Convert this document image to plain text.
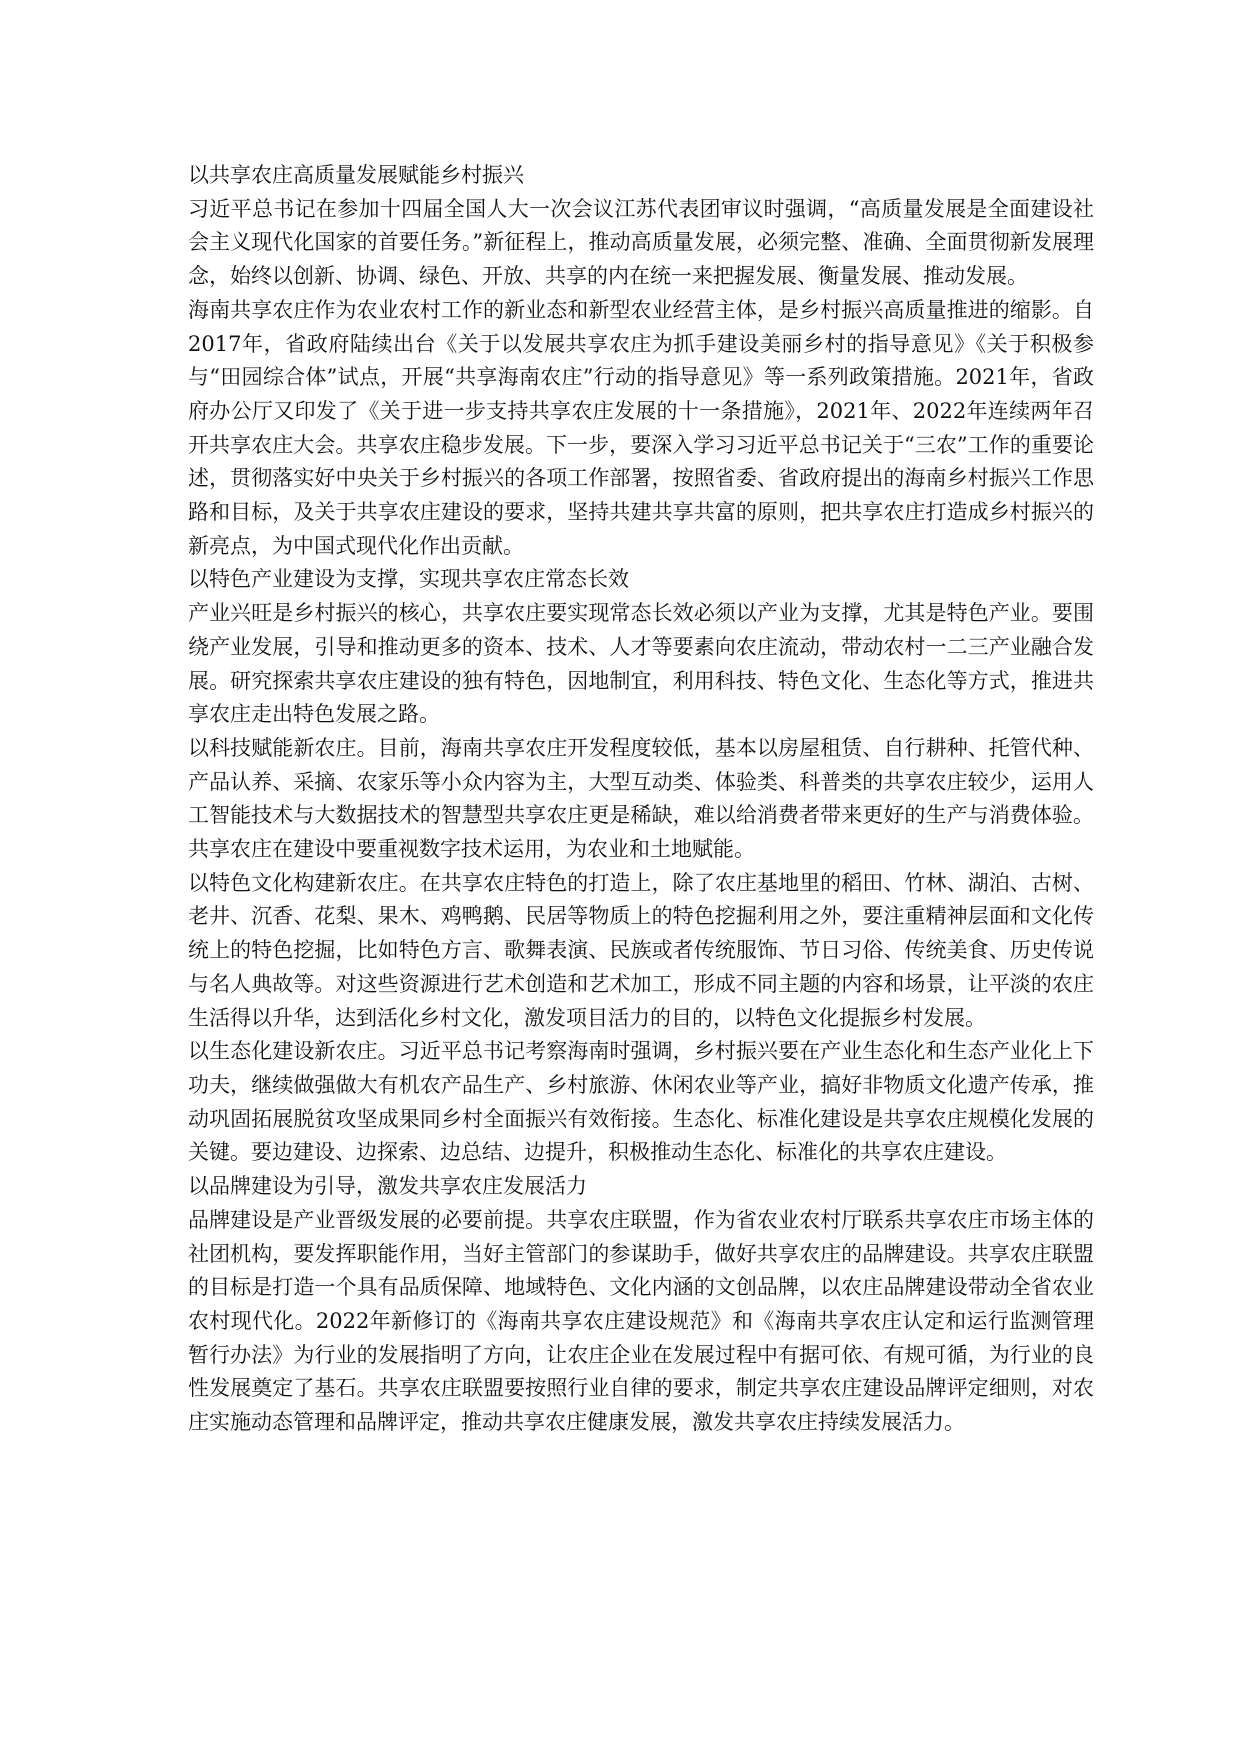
以共享农庄高质量发展赋能乡村振兴

习近平总书记在参加十四届全国人大一次会议江苏代表团审议时强调，“高质量发展是全面建设社会主义现代化国家的首要任务。”新征程上，推动高质量发展，必须完整、准确、全面贯彻新发展理念，始终以创新、协调、绿色、开放、共享的内在统一来把握发展、衡量发展、推动发展。

海南共享农庄作为农业农村工作的新业态和新型农业经营主体，是乡村振兴高质量推进的缩影。自2017年，省政府陆续出台《关于以发展共享农庄为抓手建设美丽乡村的指导意见》《关于积极参与“田园综合体”试点，开展“共享海南农庄”行动的指导意见》等一系列政策措施。2021年，省政府办公厅又印发了《关于进一步支持共享农庄发展的十一条措施》，2021年、2022年连续两年召开共享农庄大会。共享农庄稳步发展。下一步，要深入学习习近平总书记关于“三农”工作的重要论述，贯彻落实好中央关于乡村振兴的各项工作部署，按照省委、省政府提出的海南乡村振兴工作思路和目标，及关于共享农庄建设的要求，坚持共建共享共富的原则，把共享农庄打造成乡村振兴的新亮点，为中国式现代化作出贡献。

以特色产业建设为支撑，实现共享农庄常态长效

产业兴旺是乡村振兴的核心，共享农庄要实现常态长效必须以产业为支撑，尤其是特色产业。要围绕产业发展，引导和推动更多的资本、技术、人才等要素向农庄流动，带动农村一二三产业融合发展。研究探索共享农庄建设的独有特色，因地制宜，利用科技、特色文化、生态化等方式，推进共享农庄走出特色发展之路。

以科技赋能新农庄。目前，海南共享农庄开发程度较低，基本以房屋租赁、自行耕种、托管代种、产品认养、采摘、农家乐等小众内容为主，大型互动类、体验类、科普类的共享农庄较少，运用人工智能技术与大数据技术的智慧型共享农庄更是稀缺，难以给消费者带来更好的生产与消费体验。共享农庄在建设中要重视数字技术运用，为农业和土地赋能。

以特色文化构建新农庄。在共享农庄特色的打造上，除了农庄基地里的稻田、竹林、湖泊、古树、老井、沉香、花梨、果木、鸡鸭鹅、民居等物质上的特色挖掘利用之外，要注重精神层面和文化传统上的特色挖掘，比如特色方言、歌舞表演、民族或者传统服饰、节日习俗、传统美食、历史传说与名人典故等。对这些资源进行艺术创造和艺术加工，形成不同主题的内容和场景，让平淡的农庄生活得以升华，达到活化乡村文化，激发项目活力的目的，以特色文化提振乡村发展。

以生态化建设新农庄。习近平总书记考察海南时强调，乡村振兴要在产业生态化和生态产业化上下功夫，继续做强做大有机农产品生产、乡村旅游、休闲农业等产业，搞好非物质文化遗产传承，推动巩固拓展脱贫攻坚成果同乡村全面振兴有效衔接。生态化、标准化建设是共享农庄规模化发展的关键。要边建设、边探索、边总结、边提升，积极推动生态化、标准化的共享农庄建设。

以品牌建设为引导，激发共享农庄发展活力

品牌建设是产业晋级发展的必要前提。共享农庄联盟，作为省农业农村厅联系共享农庄市场主体的社团机构，要发挥职能作用，当好主管部门的参谋助手，做好共享农庄的品牌建设。共享农庄联盟的目标是打造一个具有品质保障、地域特色、文化内涵的文创品牌，以农庄品牌建设带动全省农业农村现代化。2022年新修订的《海南共享农庄建设规范》和《海南共享农庄认定和运行监测管理暂行办法》为行业的发展指明了方向，让农庄企业在发展过程中有据可依、有规可循，为行业的良性发展奠定了基石。共享农庄联盟要按照行业自律的要求，制定共享农庄建设品牌评定细则，对农庄实施动态管理和品牌评定，推动共享农庄健康发展，激发共享农庄持续发展活力。
